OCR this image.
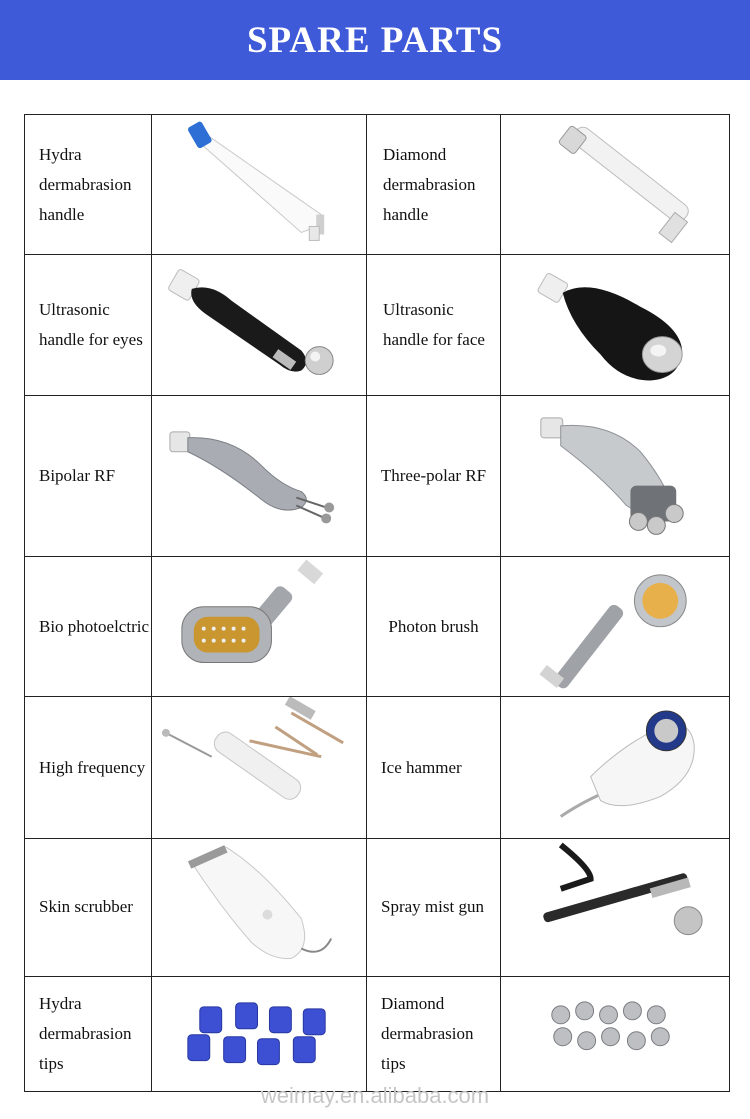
SPARE PARTS
Hydra dermabrasion handle		Diamond dermabrasion handle	

Ultrasonic handle for eyes		Ultrasonic handle for face	

Bipolar RF		Three-polar RF	

Bio photoelctric		Photon brush	

High frequency		Ice hammer	

Skin scrubber		Spray mist gun	

Hydra dermabrasion tips		Diamond dermabrasion tips	
weimay.en.alibaba.com
